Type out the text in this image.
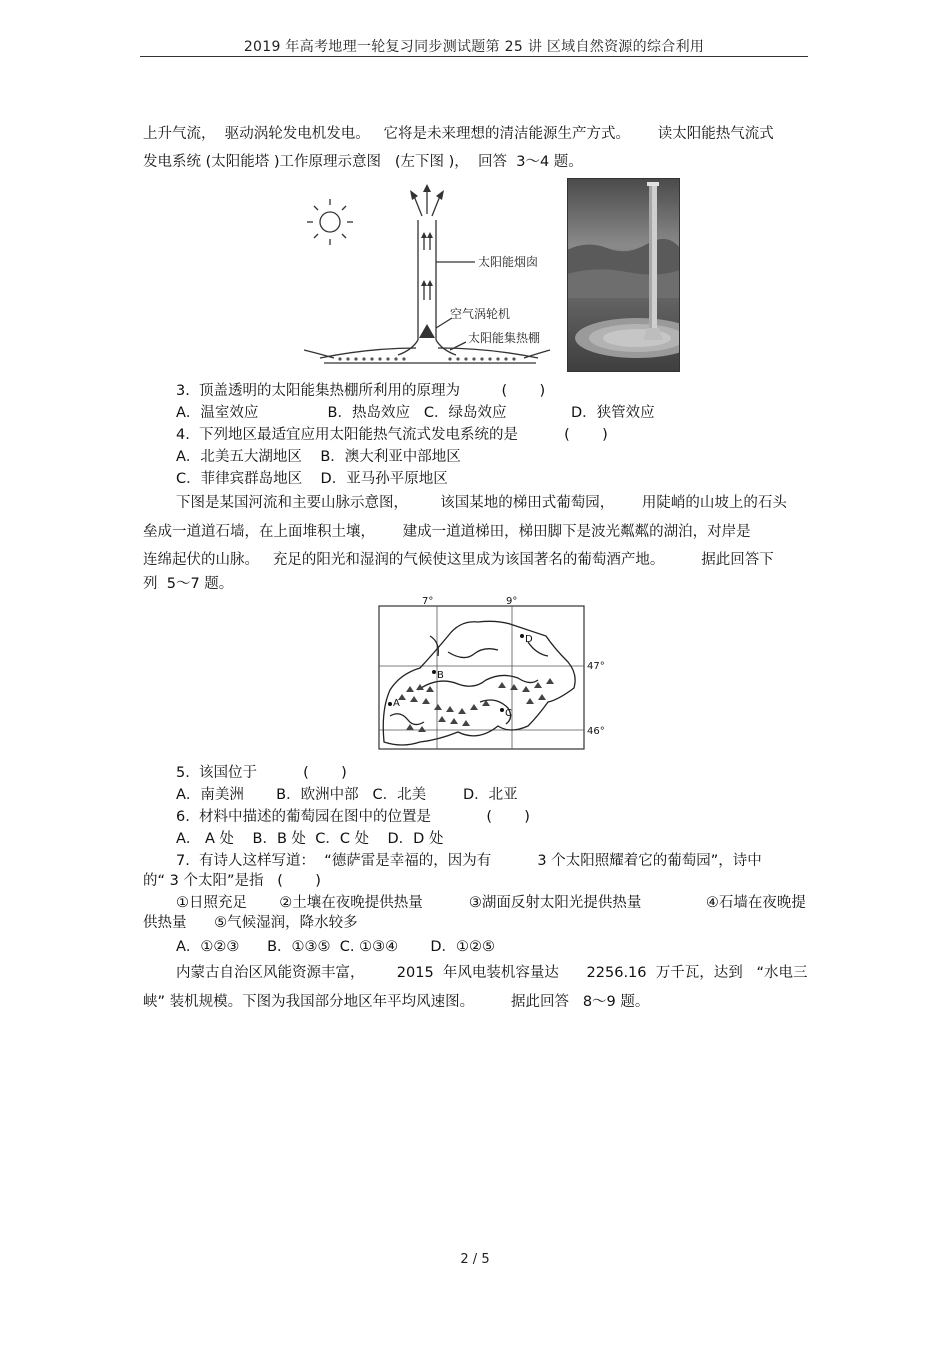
2019 年高考地理一轮复习同步测试题第 25 讲 区域自然资源的综合利用
上升气流，  驱动涡轮发电机发电。   它将是未来理想的清洁能源生产方式。      读太阳能热气流式
发电系统 (太阳能塔 )工作原理示意图   (左下图 )，  回答  3～4 题。
太阳能烟囱
空气涡轮机
太阳能集热棚
3.  顶盖透明的太阳能集热棚所利用的原理为         (       )
A．温室效应               B．热岛效应   C．绿岛效应              D．狭管效应
4.  下列地区最适宜应用太阳能热气流式发电系统的是          (       )
A．北美五大湖地区    B．澳大利亚中部地区
C．菲律宾群岛地区    D．亚马孙平原地区
下图是某国河流和主要山脉示意图，       该国某地的梯田式葡萄园，      用陡峭的山坡上的石头
垒成一道道石墙，在上面堆积土壤，      建成一道道梯田，梯田脚下是波光粼粼的湖泊，对岸是
连绵起伏的山脉。   充足的阳光和湿润的气候使这里成为该国著名的葡萄酒产地。        据此回答下
列  5～7 题。
7°	9°
47°
46°
A
B
C
D
5.  该国位于          (       )
A．南美洲       B．欧洲中部   C．北美        D．北亚
6.  材料中描述的葡萄园在图中的位置是            (       )
A． A 处    B．B 处  C．C 处    D．D 处
7.  有诗人这样写道：  “德萨雷是幸福的，因为有          3 个太阳照耀着它的葡萄园”，诗中
的“ 3 个太阳”是指   (       )
①日照充足       ②土壤在夜晚提供热量          ③湖面反射太阳光提供热量              ④石墙在夜晚提
供热量      ⑤气候湿润，降水较多
A．①②③      B．①③⑤  C. ①③④       D．①②⑤
内蒙古自治区风能资源丰富，       2015  年风电装机容量达      2256.16  万千瓦，达到   “水电三
峡” 装机规模。下图为我国部分地区年平均风速图。        据此回答   8～9 题。
2 / 5
